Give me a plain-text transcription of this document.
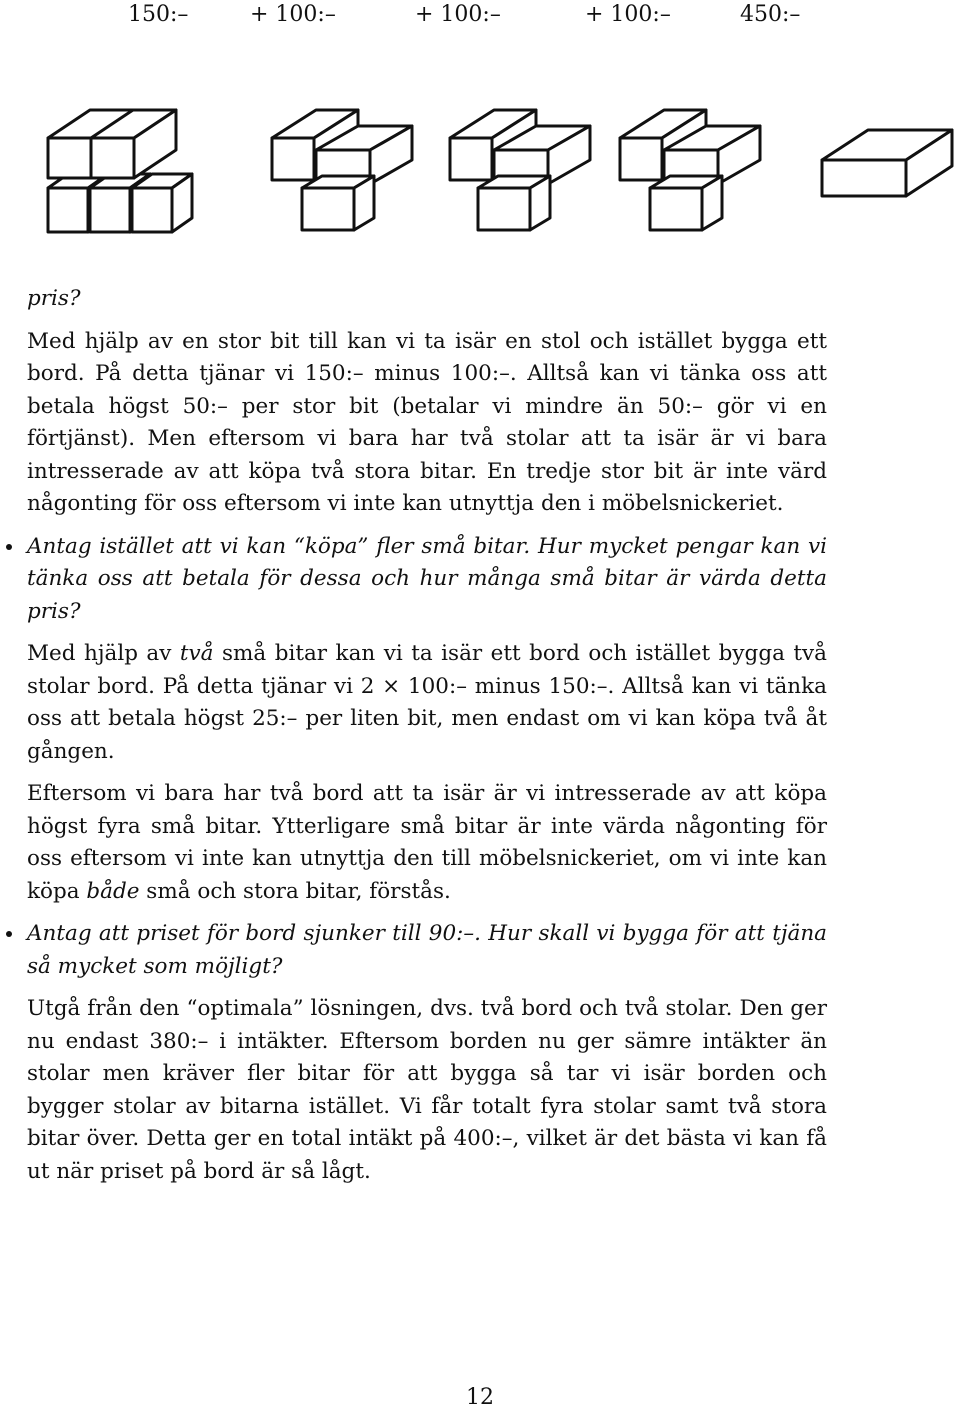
150:–	+ 100:–	+ 100:–	+ 100:–	450:–

pris?

Med hjälp av en stor bit till kan vi ta isär en stol och istället bygga ett bord. På detta tjänar vi 150:– minus 100:–. Alltså kan vi tänka oss att betala högst 50:– per stor bit (betalar vi mindre än 50:– gör vi en förtjänst). Men eftersom vi bara har två stolar att ta isär är vi bara intresserade av att köpa två stora bitar. En tredje stor bit är inte värd någonting för oss eftersom vi inte kan utnyttja den i möbelsnickeriet.

Antag istället att vi kan “köpa” fler små bitar. Hur mycket pengar kan vi tänka oss att betala för dessa och hur många små bitar är värda detta pris?

Med hjälp av två små bitar kan vi ta isär ett bord och istället bygga två stolar bord. På detta tjänar vi 2 × 100:– minus 150:–. Alltså kan vi tänka oss att betala högst 25:– per liten bit, men endast om vi kan köpa två åt gången.

Eftersom vi bara har två bord att ta isär är vi intresserade av att köpa högst fyra små bitar. Ytterligare små bitar är inte värda någonting för oss eftersom vi inte kan utnyttja den till möbelsnickeriet, om vi inte kan köpa både små och stora bitar, förstås.

Antag att priset för bord sjunker till 90:–. Hur skall vi bygga för att tjäna så mycket som möjligt?

Utgå från den “optimala” lösningen, dvs. två bord och två stolar. Den ger nu endast 380:– i intäkter. Eftersom borden nu ger sämre intäkter än stolar men kräver fler bitar för att bygga så tar vi isär borden och bygger stolar av bitarna istället. Vi får totalt fyra stolar samt två stora bitar över. Detta ger en total intäkt på 400:–, vilket är det bästa vi kan få ut när priset på bord är så lågt.

12
